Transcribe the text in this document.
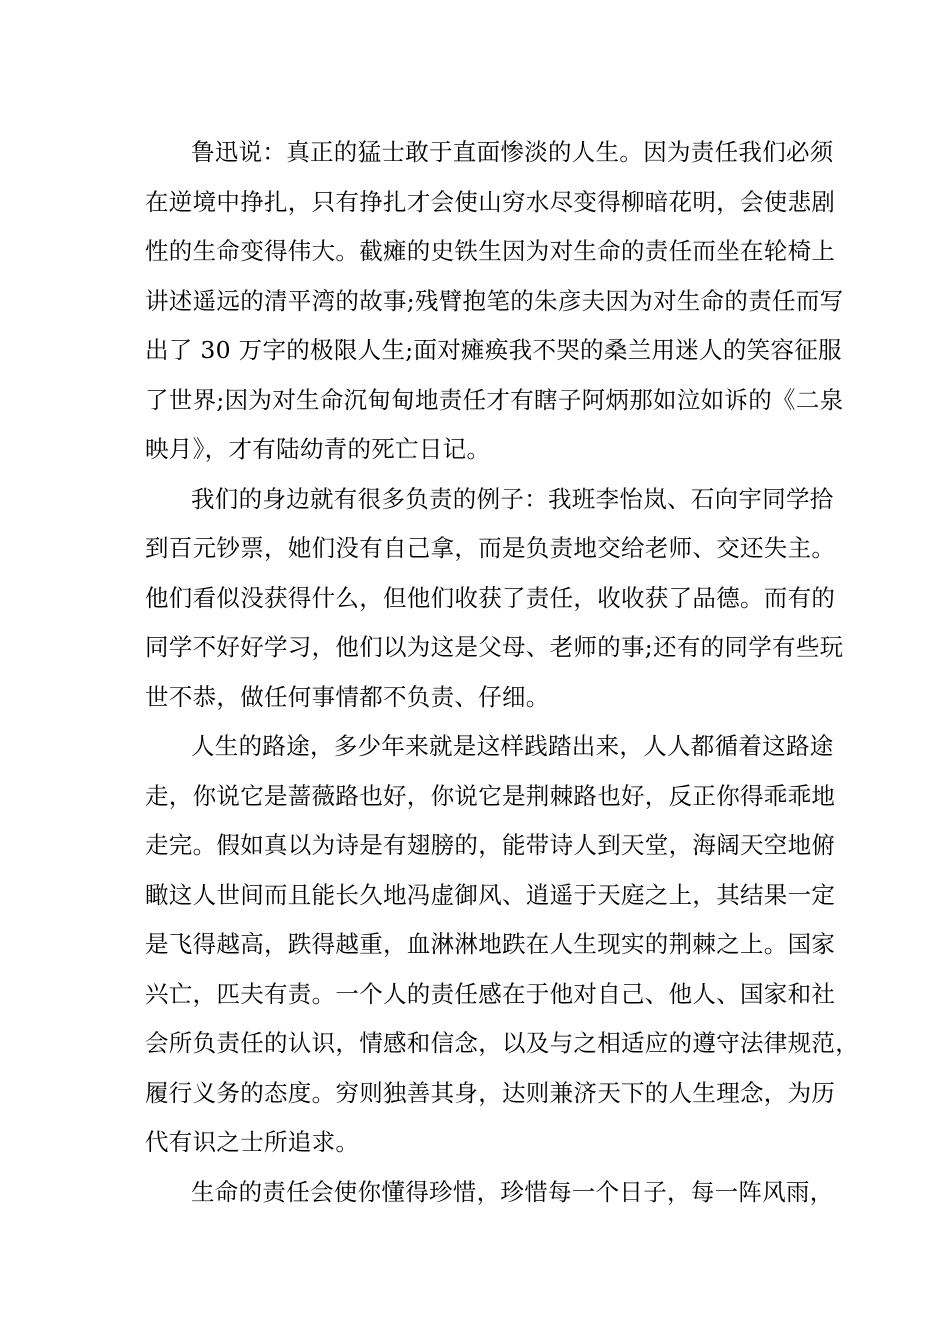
鲁迅说：真正的猛士敢于直面惨淡的人生。因为责任我们必须
在逆境中挣扎，只有挣扎才会使山穷水尽变得柳暗花明，会使悲剧
性的生命变得伟大。截瘫的史铁生因为对生命的责任而坐在轮椅上
讲述遥远的清平湾的故事;残臂抱笔的朱彦夫因为对生命的责任而写
出了 30 万字的极限人生;面对瘫痪我不哭的桑兰用迷人的笑容征服
了世界;因为对生命沉甸甸地责任才有瞎子阿炳那如泣如诉的《二泉
映月》，才有陆幼青的死亡日记。
我们的身边就有很多负责的例子：我班李怡岚、石向宇同学拾
到百元钞票，她们没有自己拿，而是负责地交给老师、交还失主。
他们看似没获得什么，但他们收获了责任，收收获了品德。而有的
同学不好好学习，他们以为这是父母、老师的事;还有的同学有些玩
世不恭，做任何事情都不负责、仔细。
人生的路途，多少年来就是这样践踏出来，人人都循着这路途
走，你说它是蔷薇路也好，你说它是荆棘路也好，反正你得乖乖地
走完。假如真以为诗是有翅膀的，能带诗人到天堂，海阔天空地俯
瞰这人世间而且能长久地冯虚御风、逍遥于天庭之上，其结果一定
是飞得越高，跌得越重，血淋淋地跌在人生现实的荆棘之上。国家
兴亡，匹夫有责。一个人的责任感在于他对自己、他人、国家和社
会所负责任的认识，情感和信念，以及与之相适应的遵守法律规范，
履行义务的态度。穷则独善其身，达则兼济天下的人生理念，为历
代有识之士所追求。
生命的责任会使你懂得珍惜，珍惜每一个日子，每一阵风雨，
